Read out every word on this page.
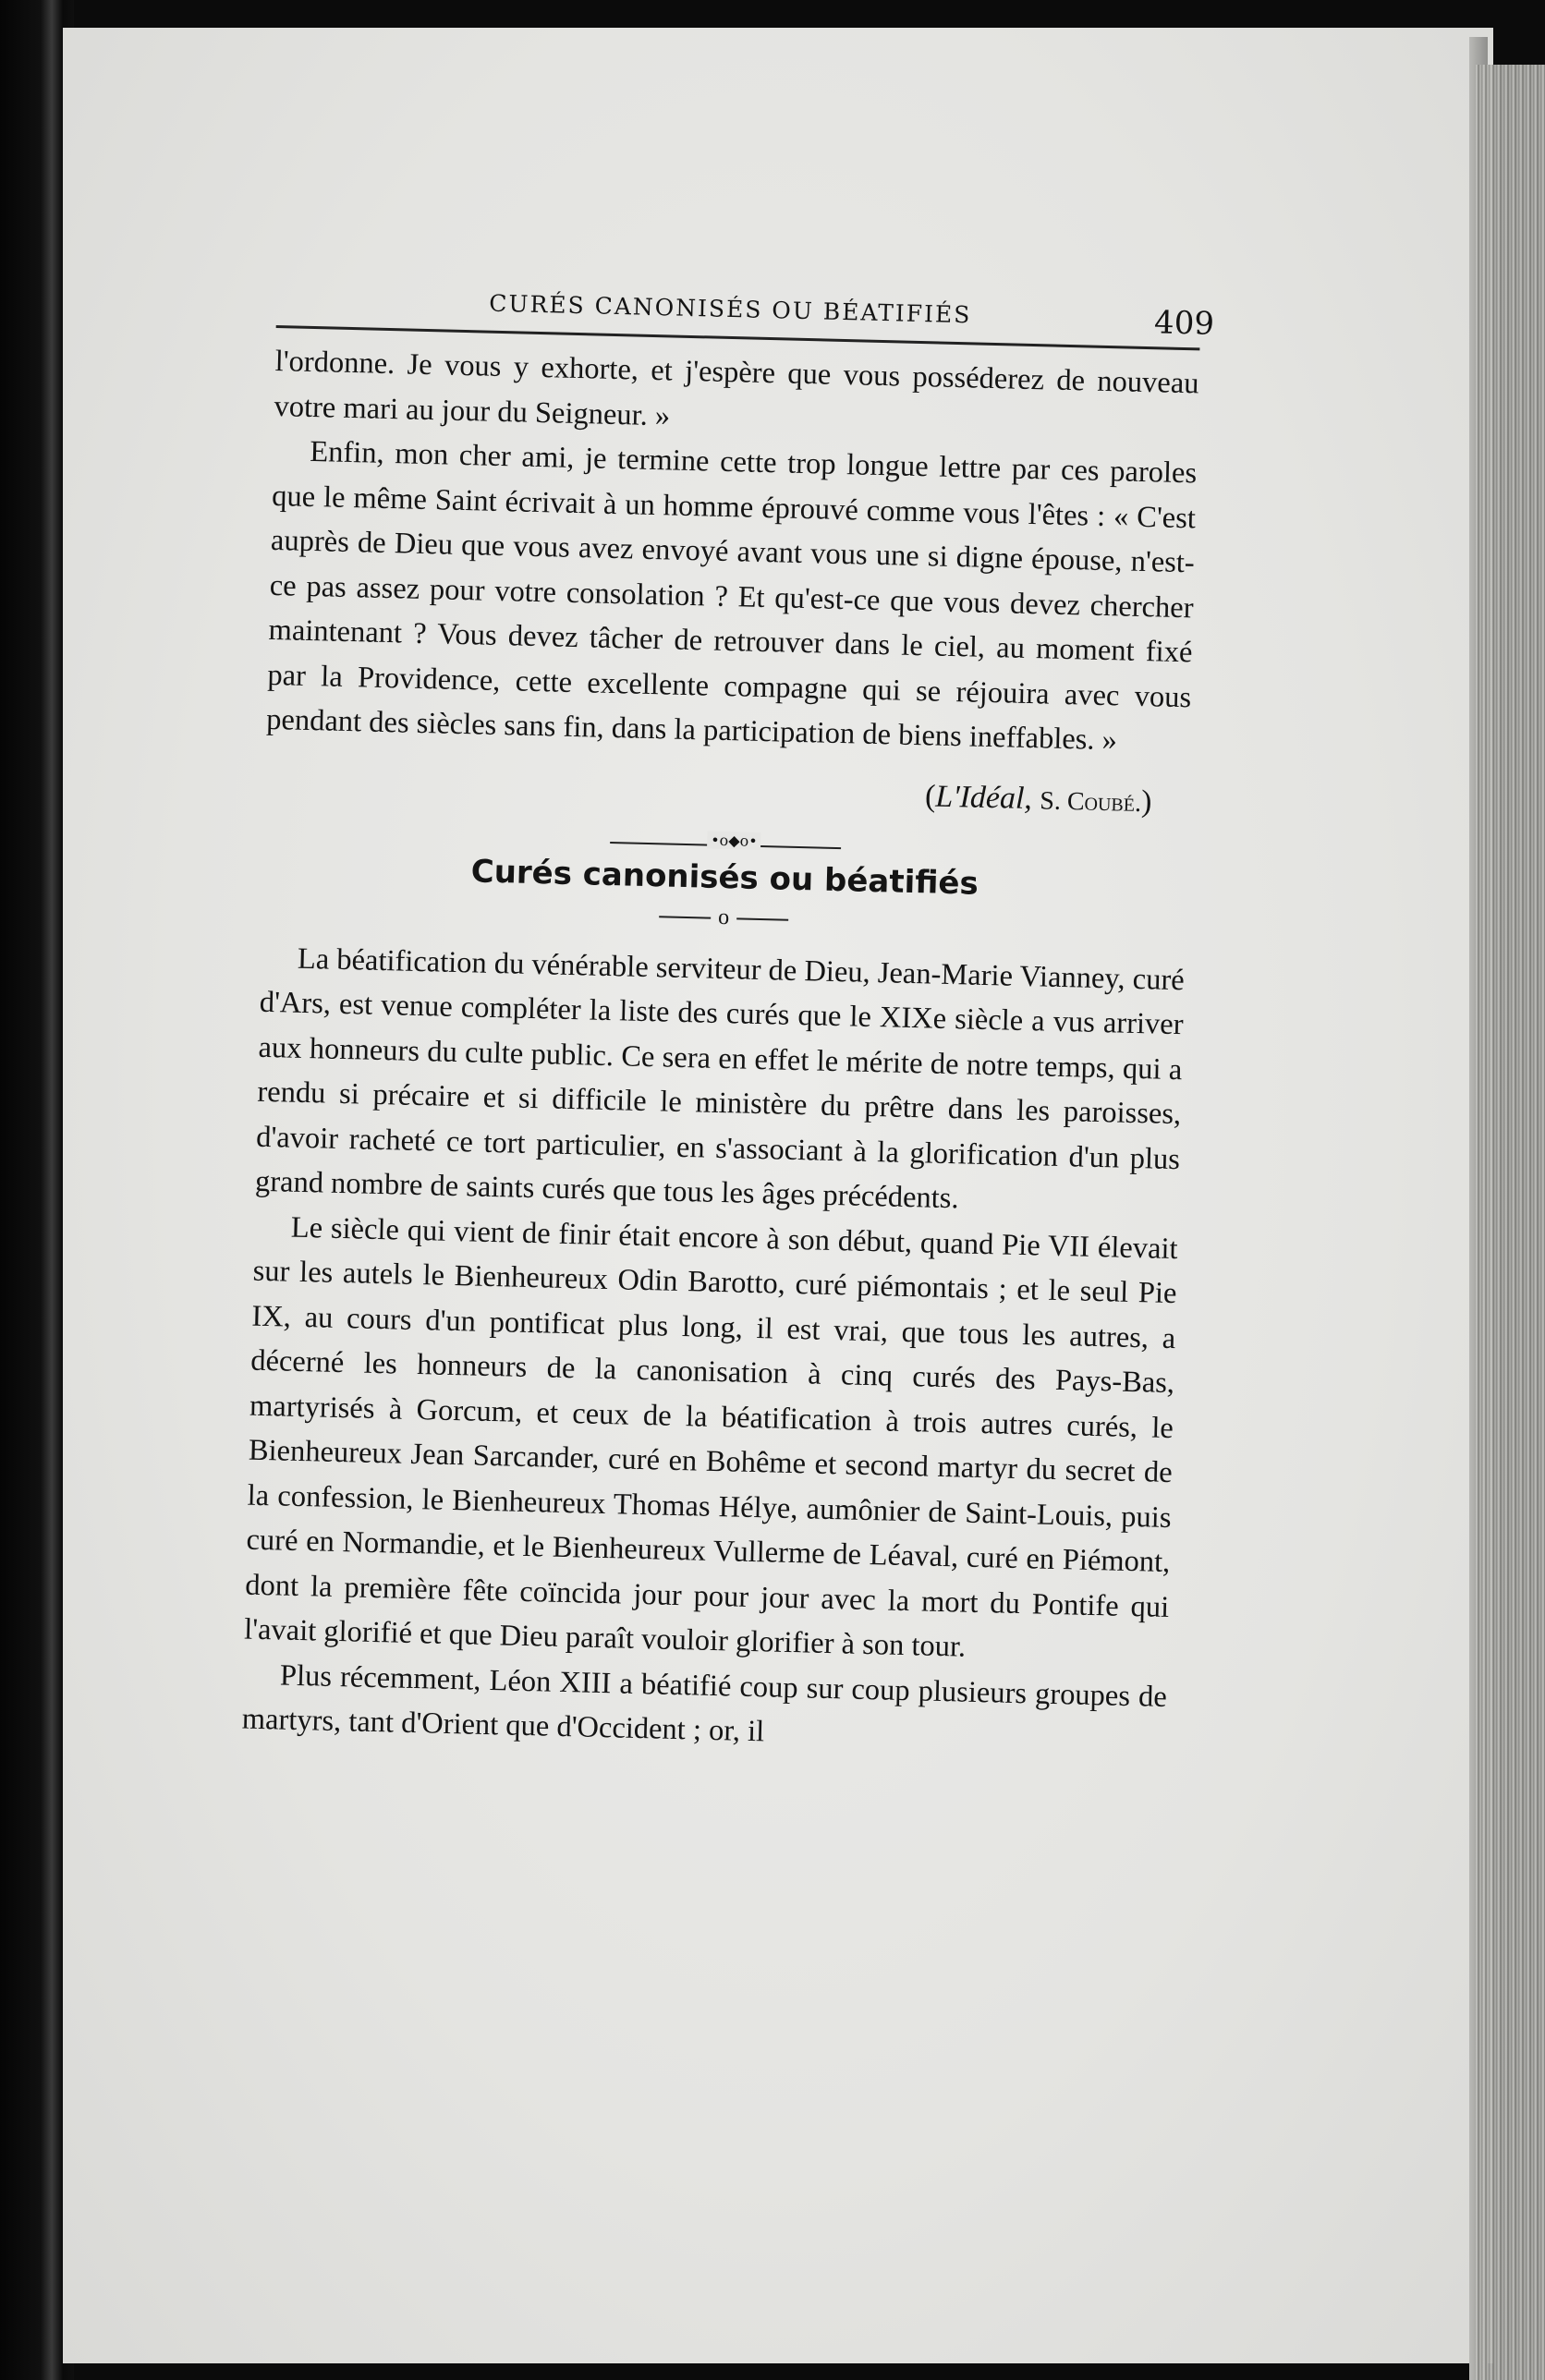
CURÉS CANONISÉS OU BÉATIFIÉS	409

l'ordonne. Je vous y exhorte, et j'espère que vous posséderez de nouveau votre mari au jour du Seigneur. »

Enfin, mon cher ami, je termine cette trop longue lettre par ces paroles que le même Saint écrivait à un homme éprouvé comme vous l'êtes : « C'est auprès de Dieu que vous avez envoyé avant vous une si digne épouse, n'est-ce pas assez pour votre consolation ? Et qu'est-ce que vous devez chercher maintenant ? Vous devez tâcher de retrouver dans le ciel, au moment fixé par la Providence, cette excellente compagne qui se réjouira avec vous pendant des siècles sans fin, dans la participation de biens ineffables. »

(L'Idéal, S. Coubé.)
•o◆o•
Curés canonisés ou béatifiés
o

La béatification du vénérable serviteur de Dieu, Jean-Marie Vianney, curé d'Ars, est venue compléter la liste des curés que le XIXe siècle a vus arriver aux honneurs du culte public. Ce sera en effet le mérite de notre temps, qui a rendu si précaire et si difficile le ministère du prêtre dans les paroisses, d'avoir racheté ce tort particulier, en s'associant à la glorification d'un plus grand nombre de saints curés que tous les âges précédents.

Le siècle qui vient de finir était encore à son début, quand Pie VII élevait sur les autels le Bienheureux Odin Barotto, curé piémontais ; et le seul Pie IX, au cours d'un pontificat plus long, il est vrai, que tous les autres, a décerné les honneurs de la canonisation à cinq curés des Pays-Bas, martyrisés à Gorcum, et ceux de la béatification à trois autres curés, le Bienheureux Jean Sarcander, curé en Bohême et second martyr du secret de la confession, le Bienheureux Thomas Hélye, aumônier de Saint-Louis, puis curé en Normandie, et le Bienheureux Vullerme de Léaval, curé en Piémont, dont la première fête coïncida jour pour jour avec la mort du Pontife qui l'avait glorifié et que Dieu paraît vouloir glorifier à son tour.

Plus récemment, Léon XIII a béatifié coup sur coup plusieurs groupes de martyrs, tant d'Orient que d'Occident ; or, il
